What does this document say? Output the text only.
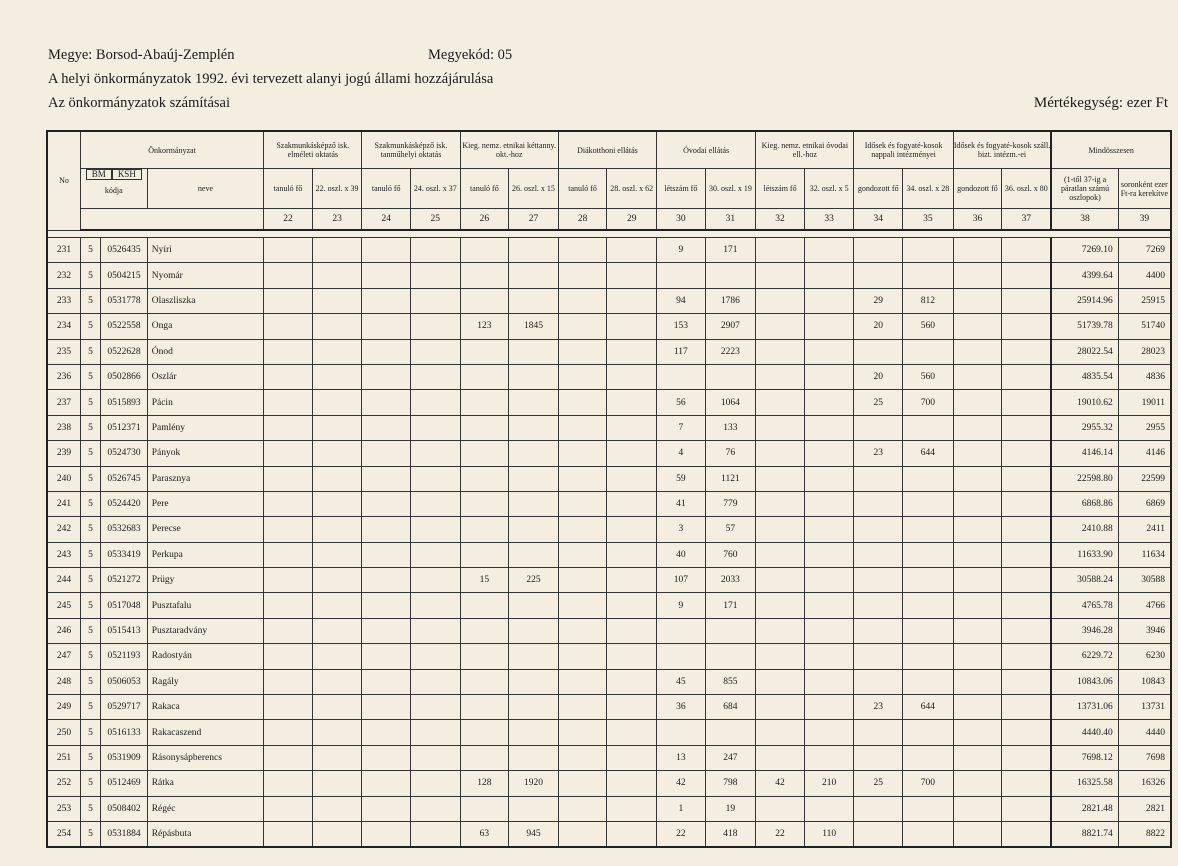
Megye: Borsod-Abaúj-Zemplén	Megyekód: 05
A helyi önkormányzatok 1992. évi tervezett alanyi jogú állami hozzájárulása
Az önkormányzatok számításai	Mértékegység: ezer Ft
No	Önkormányzat			Szakmunkásképző isk. elméleti oktatás		Szakmunkásképző isk. tanműhelyi oktatás		Kieg. nemz. etnikai kéttanny. okt.-hoz		Diákotthoni ellátás		Óvodai ellátás		Kieg. nemz. etnikai óvodai ell.-hoz		Idősek és fogyaté-kosok nappali intézményei		Idősek és fogyaté-kosok száll. bizt. intézm.-ei		Mindösszesen	

	BM KSH
kódja		neve	tanuló fő	22. oszl. x 39	tanuló fő	24. oszl. x 37	tanuló fő	26. oszl. x 15	tanuló fő	28. oszl. x 62	létszám fő	30. oszl. x 19	létszám fő	32. oszl. x 5	gondozott fő	34. oszl. x 28	gondozott fő	36. oszl. x 80	(1-től 37-ig a páratlan számú oszlopok)	soronként ezer Ft-ra kerekítve
				22	23	24	25	26	27	28	29	30	31	32	33	34	35	36	37	38	39

231	5	0526435	Nyíri									9	171							7269.10	7269
232	5	0504215	Nyomár																	4399.64	4400
233	5	0531778	Olaszliszka									94	1786			29	812			25914.96	25915
234	5	0522558	Onga					123	1845			153	2907			20	560			51739.78	51740
235	5	0522628	Ónod									117	2223							28022.54	28023
236	5	0502866	Oszlár													20	560			4835.54	4836
237	5	0515893	Pácin									56	1064			25	700			19010.62	19011
238	5	0512371	Pamlény									7	133							2955.32	2955
239	5	0524730	Pányok									4	76			23	644			4146.14	4146
240	5	0526745	Parasznya									59	1121							22598.80	22599
241	5	0524420	Pere									41	779							6868.86	6869
242	5	0532683	Perecse									3	57							2410.88	2411
243	5	0533419	Perkupa									40	760							11633.90	11634
244	5	0521272	Prügy					15	225			107	2033							30588.24	30588
245	5	0517048	Pusztafalu									9	171							4765.78	4766
246	5	0515413	Pusztaradvány																	3946.28	3946
247	5	0521193	Radostyán																	6229.72	6230
248	5	0506053	Ragály									45	855							10843.06	10843
249	5	0529717	Rakaca									36	684			23	644			13731.06	13731
250	5	0516133	Rakacaszend																	4440.40	4440
251	5	0531909	Rásonysápberencs									13	247							7698.12	7698
252	5	0512469	Rátka					128	1920			42	798	42	210	25	700			16325.58	16326
253	5	0508402	Régéc									1	19							2821.48	2821
254	5	0531884	Répásbuta					63	945			22	418	22	110					8821.74	8822
